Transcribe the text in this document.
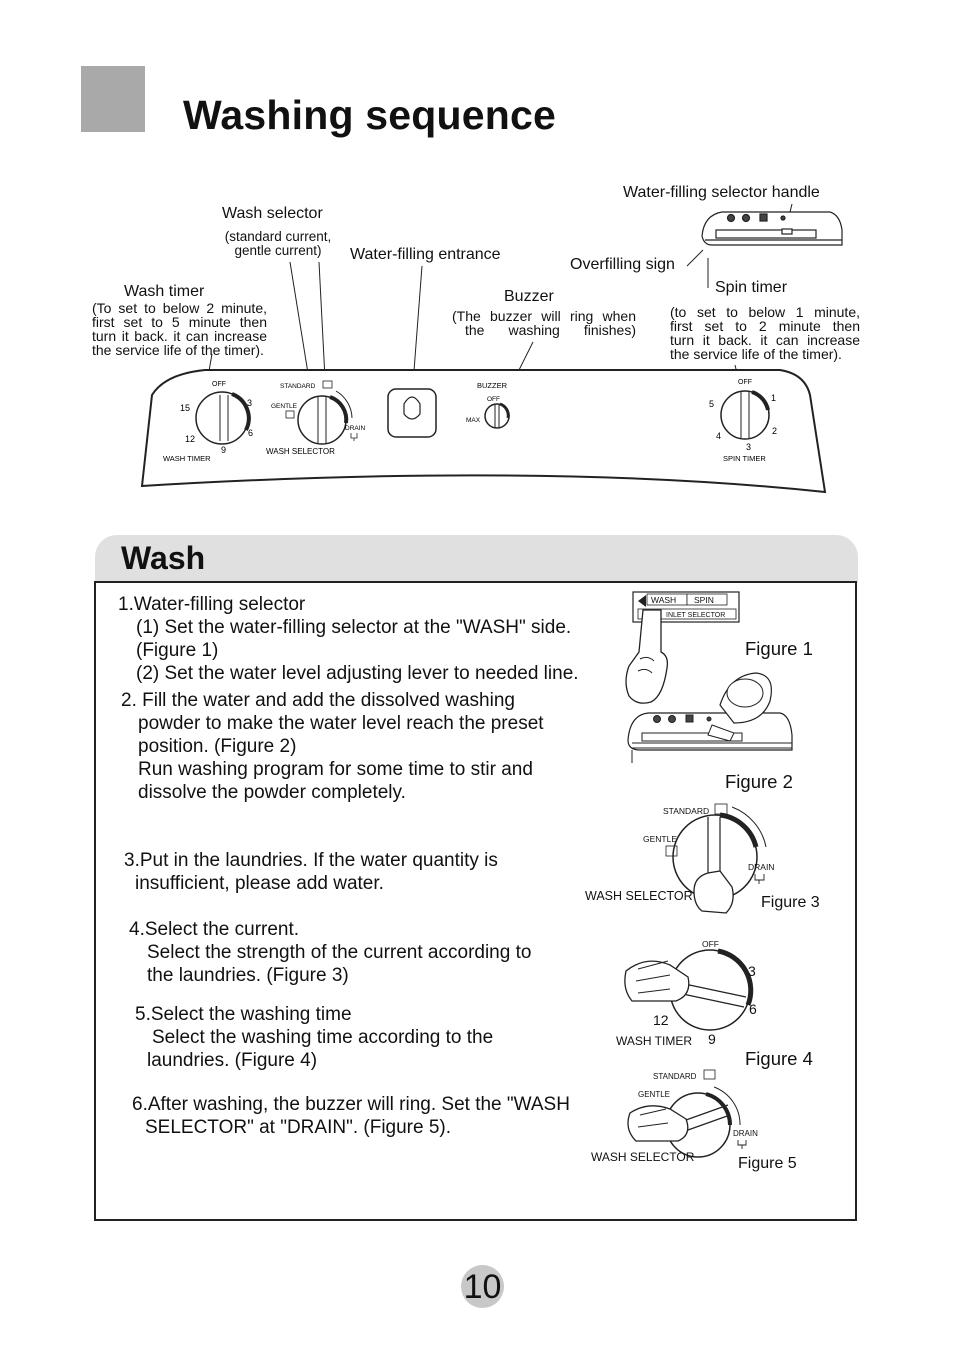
Washing sequence
Wash selector
(standard current,
gentle current)	Water-filling entrance
Water-filling selector handle
Overfilling sign
Wash timer
(To set to below 2 minute,
first set to 5 minute then
turn it back. it can increase
the service life of the timer).
Buzzer
(The buzzer will ring when
the washing finishes)
Spin timer
(to set to below 1 minute,
first set to 2 minute then
turn it back. it can increase
the service life of the timer).
OFF
3
6
9
12
15
WASH TIMER
STANDARD
GENTLE
DRAIN
WASH SELECTOR
BUZZER
OFF
MAX
OFF
1
2
3
4
5
SPIN TIMER
Wash
1.Water-filling selector
(1) Set the water-filling selector at the "WASH" side.
(Figure 1)
(2) Set the water level adjusting lever to needed line.
2. Fill the water and add the dissolved washing
powder to make the water level reach the preset
position. (Figure 2)
Run washing program for some time to stir and
dissolve the powder completely.
3.Put in the laundries. If the water quantity is
insufficient, please add water.
4.Select the current.
Select the strength of the current according to
the laundries. (Figure 3)
5.Select the washing time
Select the washing time according to the
laundries. (Figure 4)
6.After washing, the buzzer will ring. Set the "WASH
SELECTOR" at "DRAIN". (Figure 5).
Figure 1
Figure 2
Figure 3
Figure 4
Figure 5
WASH SPIN
INLET SELECTOR
STANDARD
GENTLE
DRAIN
WASH SELECTOR
OFF
3
6
9
12
WASH TIMER
STANDARD
GENTLE
DRAIN
WASH SELECTOR
10
